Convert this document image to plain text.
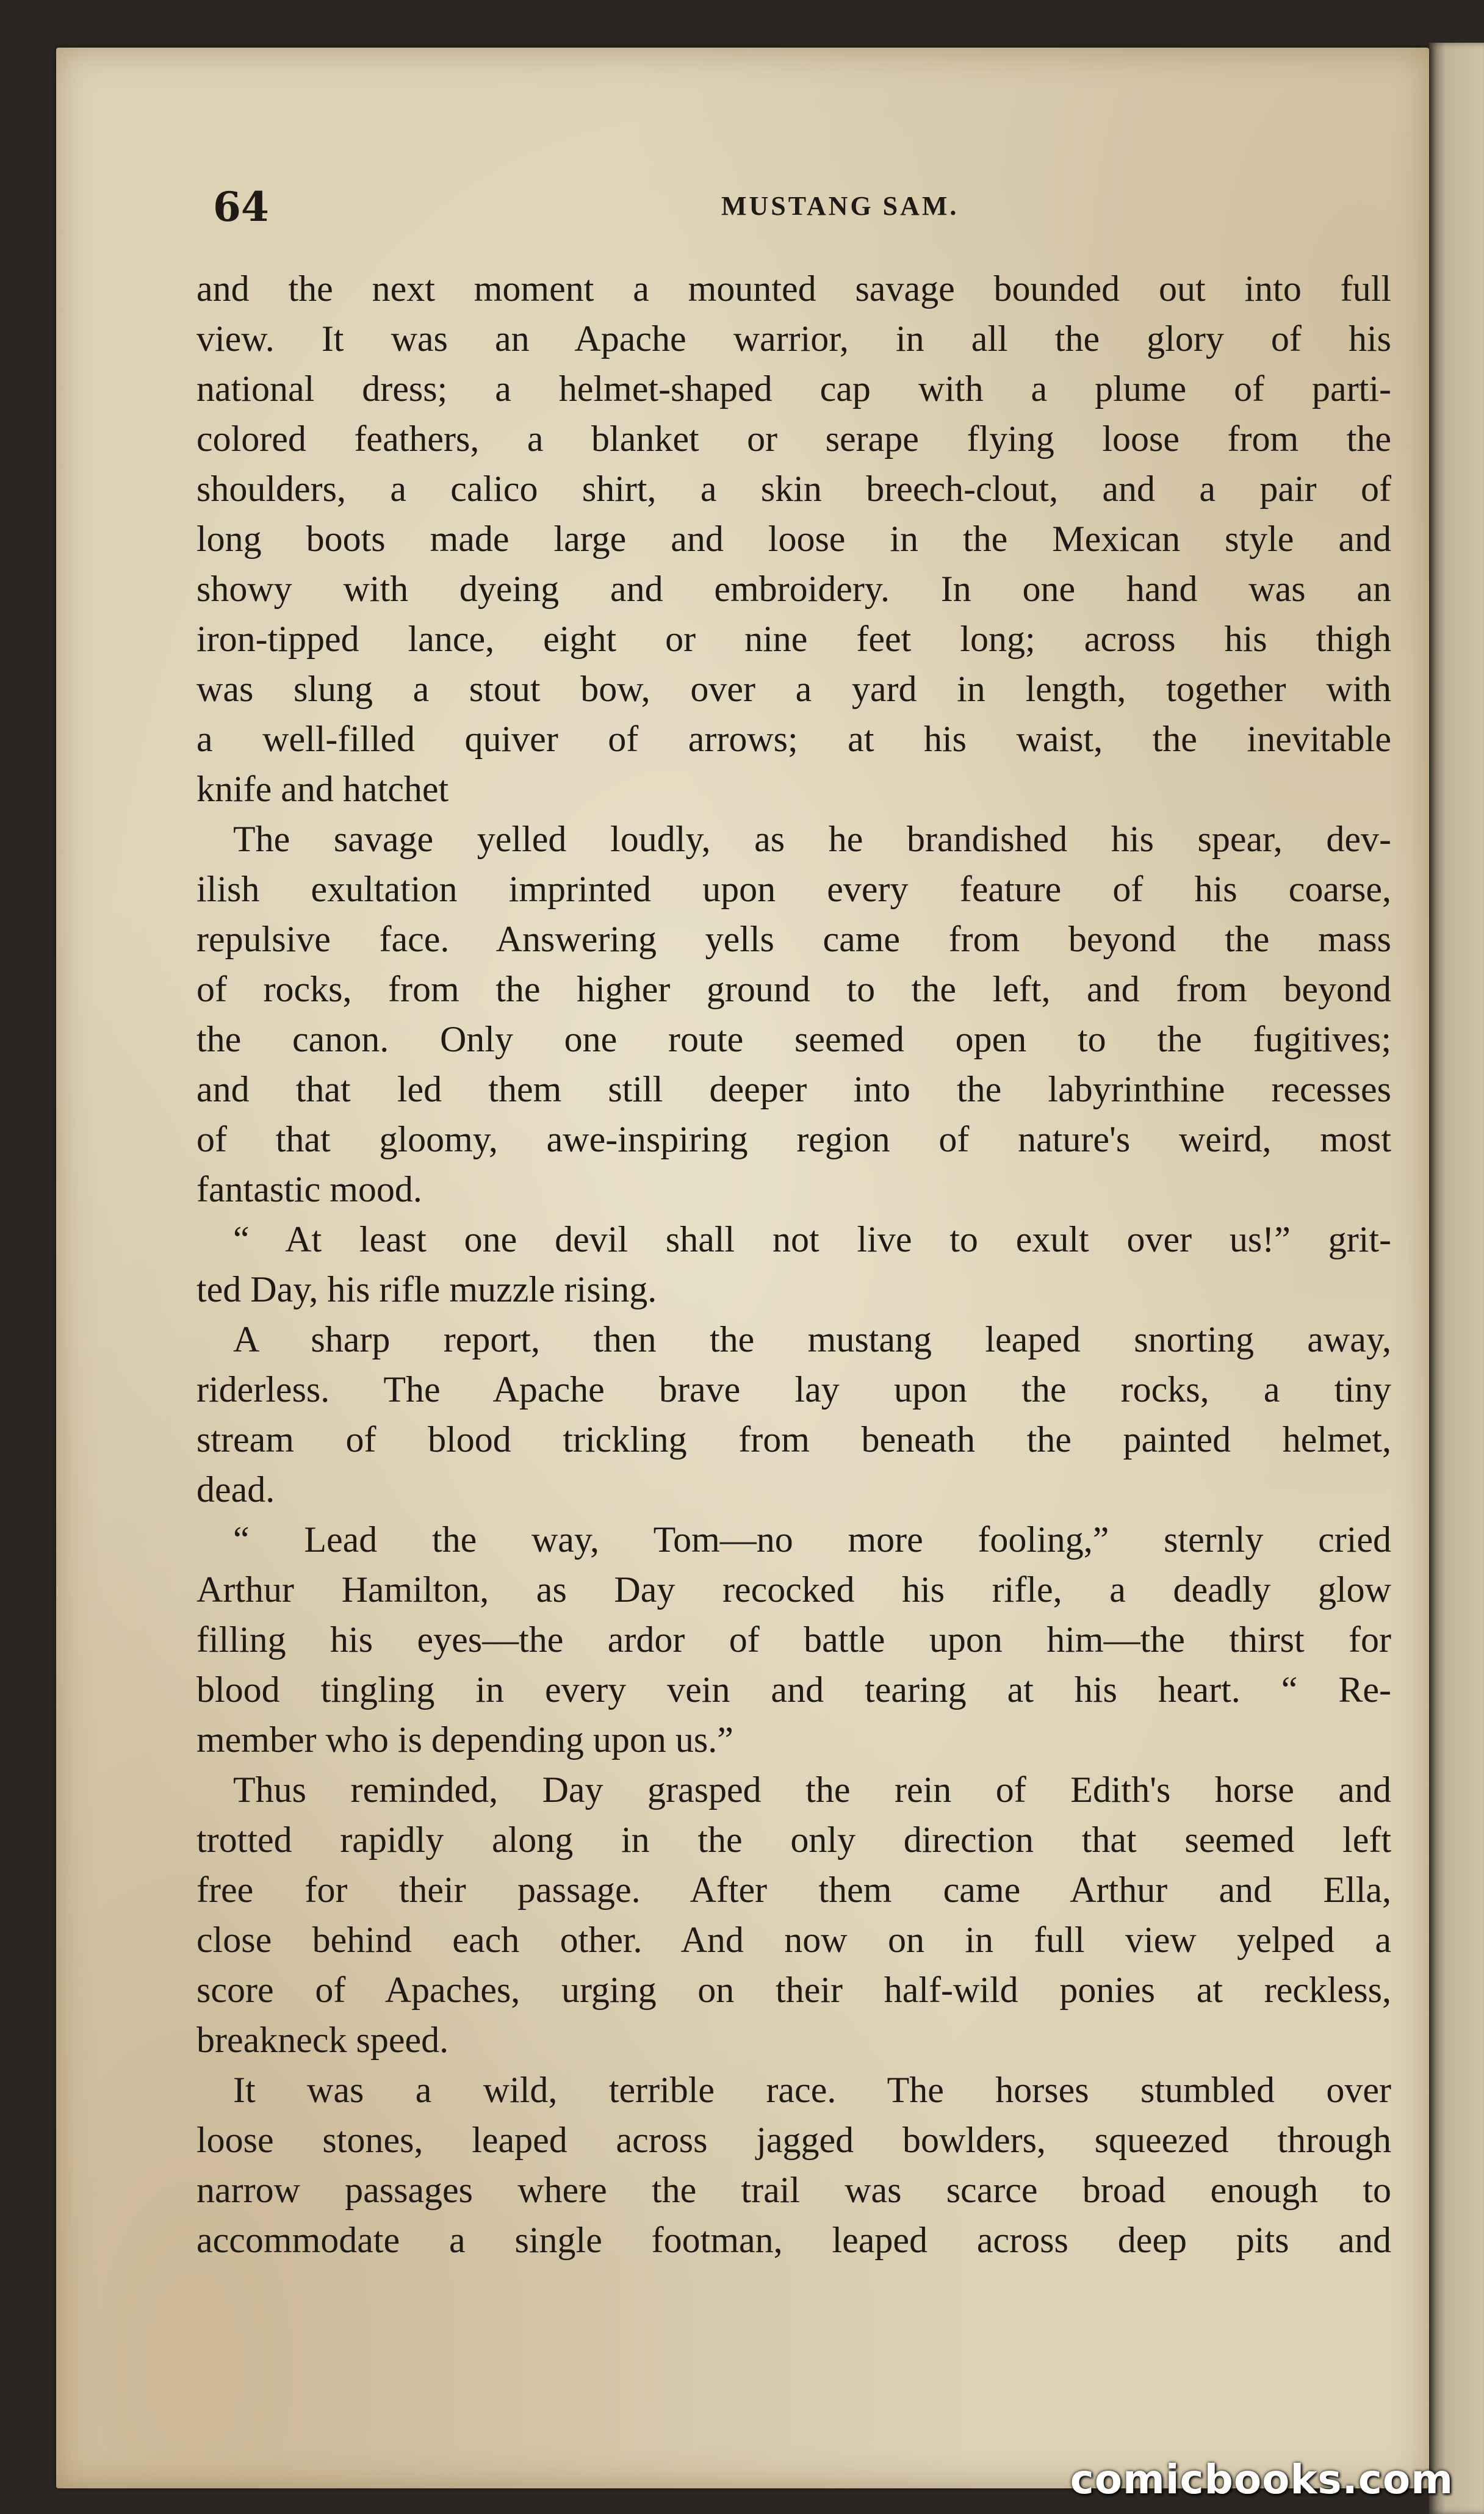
64	MUSTANG SAM.
and the next moment a mounted savage bounded out into full
view. It was an Apache warrior, in all the glory of his
national dress; a helmet-shaped cap with a plume of parti-
colored feathers, a blanket or serape flying loose from the
shoulders, a calico shirt, a skin breech-clout, and a pair of
long boots made large and loose in the Mexican style and
showy with dyeing and embroidery. In one hand was an
iron-tipped lance, eight or nine feet long; across his thigh
was slung a stout bow, over a yard in length, together with
a well-filled quiver of arrows; at his waist, the inevitable
knife and hatchet
The savage yelled loudly, as he brandished his spear, dev-
ilish exultation imprinted upon every feature of his coarse,
repulsive face. Answering yells came from beyond the mass
of rocks, from the higher ground to the left, and from beyond
the canon. Only one route seemed open to the fugitives;
and that led them still deeper into the labyrinthine recesses
of that gloomy, awe-inspiring region of nature's weird, most
fantastic mood.
“ At least one devil shall not live to exult over us!” grit-
ted Day, his rifle muzzle rising.
A sharp report, then the mustang leaped snorting away,
riderless. The Apache brave lay upon the rocks, a tiny
stream of blood trickling from beneath the painted helmet,
dead.
“ Lead the way, Tom—no more fooling,” sternly cried
Arthur Hamilton, as Day recocked his rifle, a deadly glow
filling his eyes—the ardor of battle upon him—the thirst for
blood tingling in every vein and tearing at his heart. “ Re-
member who is depending upon us.”
Thus reminded, Day grasped the rein of Edith's horse and
trotted rapidly along in the only direction that seemed left
free for their passage. After them came Arthur and Ella,
close behind each other. And now on in full view yelped a
score of Apaches, urging on their half-wild ponies at reckless,
breakneck speed.
It was a wild, terrible race. The horses stumbled over
loose stones, leaped across jagged bowlders, squeezed through
narrow passages where the trail was scarce broad enough to
accommodate a single footman, leaped across deep pits and
comicbooks.com
